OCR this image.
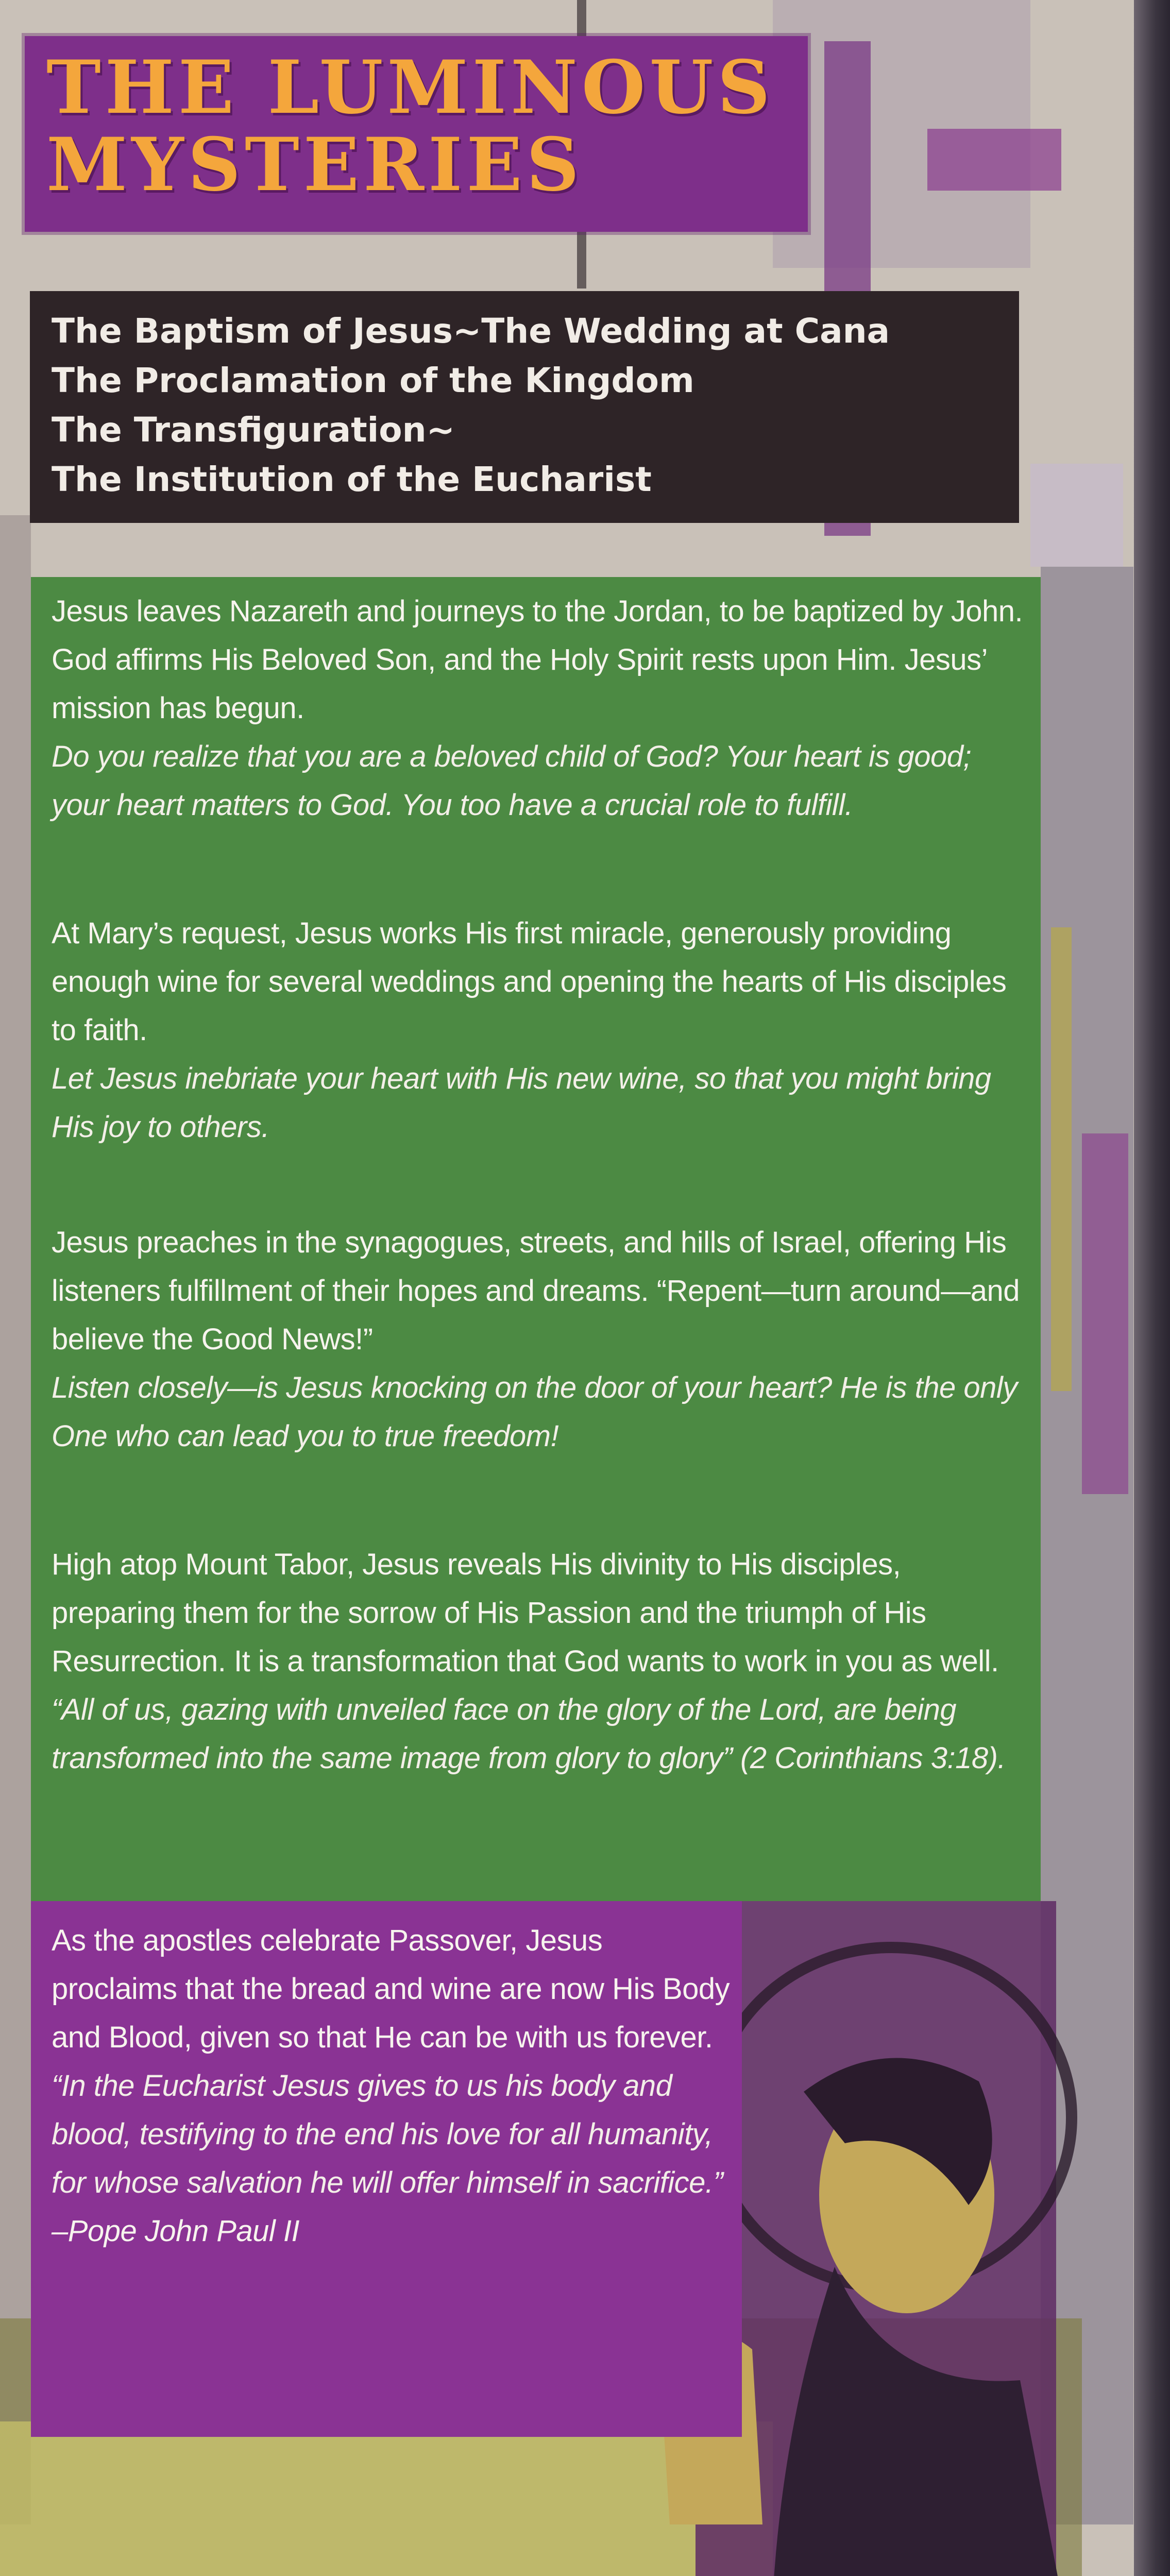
THE LUMINOUS
MYSTERIES
The Baptism of Jesus~The Wedding at Cana
The Proclamation of the Kingdom
The Transfiguration~
The Institution of the Eucharist
Jesus leaves Nazareth and journeys to the Jordan, to be baptized by John. God affirms His Beloved Son, and the Holy Spirit rests upon Him. Jesus’ mission has begun.
Do you realize that you are a beloved child of God? Your heart is good; your heart matters to God. You too have a crucial role to fulfill.
At Mary’s request, Jesus works His first miracle, generously providing enough wine for several weddings and opening the hearts of His disciples to faith.
Let Jesus inebriate your heart with His new wine, so that you might bring His joy to others.
Jesus preaches in the synagogues, streets, and hills of Israel, offering His listeners fulfillment of their hopes and dreams. “Repent—turn around—and believe the Good News!”
Listen closely—is Jesus knocking on the door of your heart? He is the only One who can lead you to true freedom!
High atop Mount Tabor, Jesus reveals His divinity to His disciples, preparing them for the sorrow of His Passion and the triumph of His Resurrection. It is a transformation that God wants to work in you as well.
“All of us, gazing with unveiled face on the glory of the Lord, are being transformed into the same image from glory to glory” (2 Corinthians 3:18).
As the apostles celebrate Passover, Jesus proclaims that the bread and wine are now His Body and Blood, given so that He can be with us forever.
“In the Eucharist Jesus gives to us his body and blood, testifying to the end his love for all humanity, for whose salvation he will offer himself in sacrifice.”
–Pope John Paul II
